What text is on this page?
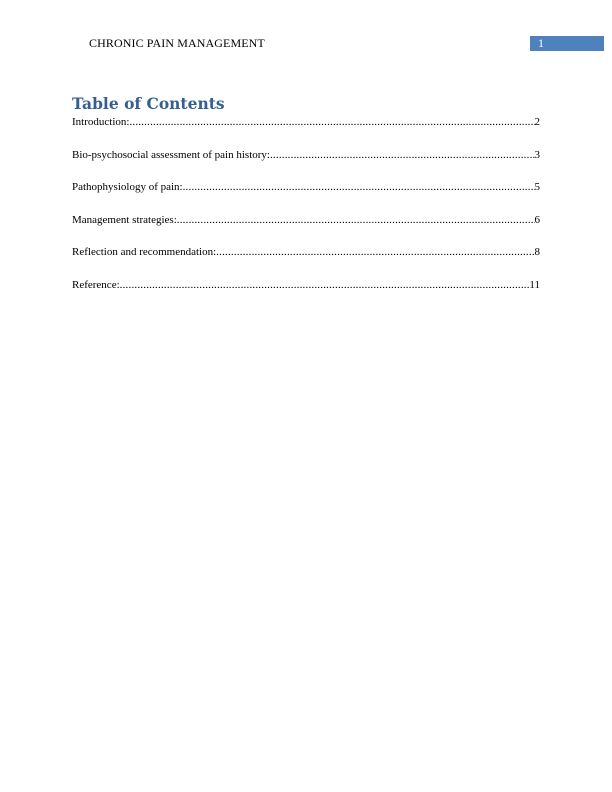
CHRONIC PAIN MANAGEMENT	1
Table of Contents
Introduction: .....	2
Bio-psychosocial assessment of pain history: .....	3
Pathophysiology of pain: .....	5
Management strategies: .....	6
Reflection and recommendation: .....	8
Reference: .....	11
